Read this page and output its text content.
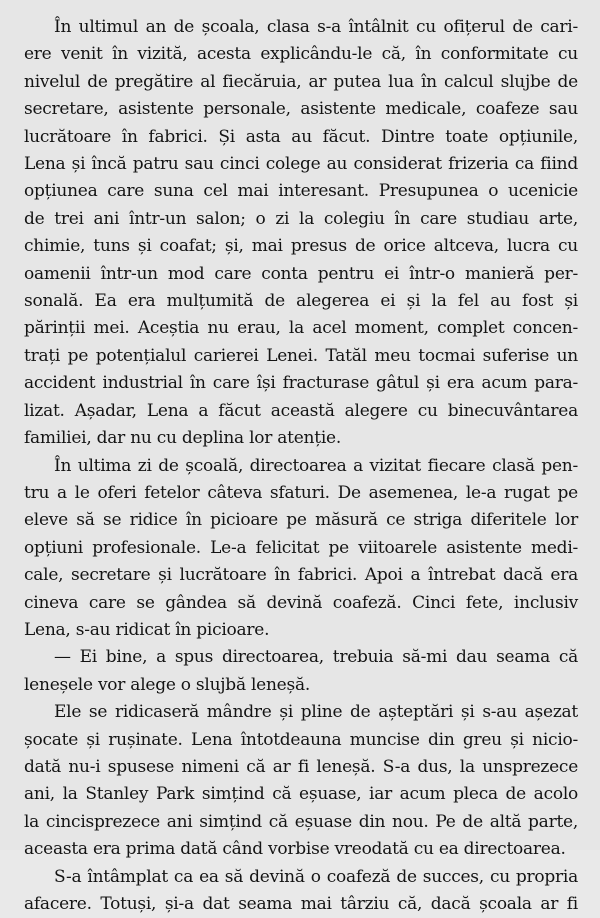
În ultimul an de școala, clasa s-a întâlnit cu ofițerul de cari-
ere venit în vizită, acesta explicându-le că, în conformitate cu
nivelul de pregătire al fiecăruia, ar putea lua în calcul slujbe de
secretare, asistente personale, asistente medicale, coafeze sau
lucrătoare în fabrici. Și asta au făcut. Dintre toate opțiunile,
Lena și încă patru sau cinci colege au considerat frizeria ca fiind
opțiunea care suna cel mai interesant. Presupunea o ucenicie
de trei ani într-un salon; o zi la colegiu în care studiau arte,
chimie, tuns și coafat; și, mai presus de orice altceva, lucra cu
oamenii într-un mod care conta pentru ei într-o manieră per-
sonală. Ea era mulțumită de alegerea ei și la fel au fost și
părinții mei. Aceștia nu erau, la acel moment, complet concen-
trați pe potențialul carierei Lenei. Tatăl meu tocmai suferise un
accident industrial în care își fracturase gâtul și era acum para-
lizat. Așadar, Lena a făcut această alegere cu binecuvântarea
familiei, dar nu cu deplina lor atenție.
În ultima zi de școală, directoarea a vizitat fiecare clasă pen-
tru a le oferi fetelor câteva sfaturi. De asemenea, le-a rugat pe
eleve să se ridice în picioare pe măsură ce striga diferitele lor
opțiuni profesionale. Le-a felicitat pe viitoarele asistente medi-
cale, secretare și lucrătoare în fabrici. Apoi a întrebat dacă era
cineva care se gândea să devină coafeză. Cinci fete, inclusiv
Lena, s-au ridicat în picioare.
— Ei bine, a spus directoarea, trebuia să-mi dau seama că
leneșele vor alege o slujbă leneșă.
Ele se ridicaseră mândre și pline de așteptări și s-au așezat
șocate și rușinate. Lena întotdeauna muncise din greu și nicio-
dată nu-i spusese nimeni că ar fi leneșă. S-a dus, la unsprezece
ani, la Stanley Park simțind că eșuase, iar acum pleca de acolo
la cincisprezece ani simțind că eșuase din nou. Pe de altă parte,
aceasta era prima dată când vorbise vreodată cu ea directoarea.
S-a întâmplat ca ea să devină o coafeză de succes, cu propria
afacere. Totuși, și-a dat seama mai târziu că, dacă școala ar fi
